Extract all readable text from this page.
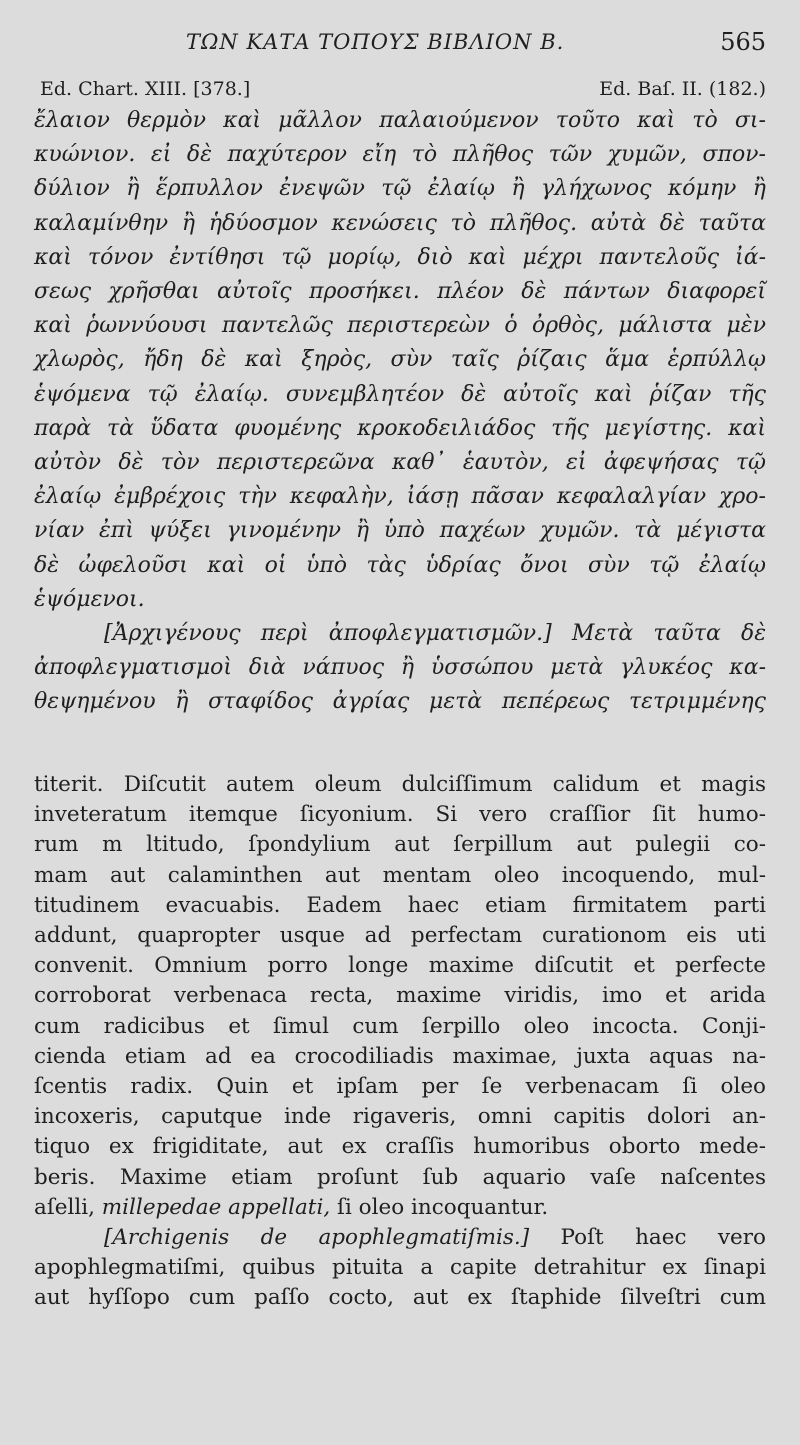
ΤΩΝ ΚΑΤΑ ΤΟΠΟΥΣ ΒΙΒΛΙΟΝ Β.	565
Ed. Chart. XIII. [378.]	Ed. Baſ. II. (182.)
ἔλαιον θερμὸν καὶ μᾶλλον παλαιούμενον τοῦτο καὶ τὸ σι-
κυώνιον. εἰ δὲ παχύτερον εἴη τὸ πλῆθος τῶν χυμῶν, σπον-
δύλιον ἢ ἕρπυλλον ἐνεψῶν τῷ ἐλαίῳ ἢ γλήχωνος κόμην ἢ
καλαμίνθην ἢ ἡδύοσμον κενώσεις τὸ πλῆθος. αὐτὰ δὲ ταῦτα
καὶ τόνον ἐντίθησι τῷ μορίῳ, διὸ καὶ μέχρι παντελοῦς ἰά-
σεως χρῆσθαι αὐτοῖς προσήκει. πλέον δὲ πάντων διαφορεῖ
καὶ ῥωννύουσι παντελῶς περιστερεὼν ὁ ὀρθὸς, μάλιστα μὲν
χλωρὸς, ἤδη δὲ καὶ ξηρὸς, σὺν ταῖς ῥίζαις ἅμα ἑρπύλλῳ
ἑψόμενα τῷ ἐλαίῳ. συνεμβλητέον δὲ αὐτοῖς καὶ ῥίζαν τῆς
παρὰ τὰ ὕδατα φυομένης κροκοδειλιάδος τῆς μεγίστης. καὶ
αὐτὸν δὲ τὸν περιστερεῶνα καθ᾽ ἑαυτὸν, εἰ ἀφεψήσας τῷ
ἐλαίῳ ἐμβρέχοις τὴν κεφαλὴν, ἰάσῃ πᾶσαν κεφαλαλγίαν χρο-
νίαν ἐπὶ ψύξει γινομένην ἢ ὑπὸ παχέων χυμῶν. τὰ μέγιστα
δὲ ὠφελοῦσι καὶ οἱ ὑπὸ τὰς ὑδρίας ὄνοι σὺν τῷ ἐλαίῳ
ἑψόμενοι.
[Ἀρχιγένους περὶ ἀποφλεγματισμῶν.] Μετὰ ταῦτα δὲ
ἀποφλεγματισμοὶ διὰ νάπυος ἢ ὑσσώπου μετὰ γλυκέος κα-
θεψημένου ἢ σταφίδος ἀγρίας μετὰ πεπέρεως τετριμμένης
titerit. Diſcutit autem oleum dulciſſimum calidum et magis
inveteratum itemque ſicyonium. Si vero craſſior ſit humo-
rum m ltitudo, ſpondylium aut ſerpillum aut pulegii co-
mam aut calaminthen aut mentam oleo incoquendo, mul-
titudinem evacuabis. Eadem haec etiam firmitatem parti
addunt, quapropter usque ad perfectam curationom eis uti
convenit. Omnium porro longe maxime diſcutit et perfecte
corroborat verbenaca recta, maxime viridis, imo et arida
cum radicibus et ſimul cum ſerpillo oleo incocta. Conji-
cienda etiam ad ea crocodiliadis maximae, juxta aquas na-
ſcentis radix. Quin et ipſam per ſe verbenacam ſi oleo
incoxeris, caputque inde rigaveris, omni capitis dolori an-
tiquo ex frigiditate, aut ex craſſis humoribus oborto mede-
beris. Maxime etiam proſunt ſub aquario vaſe naſcentes
aſelli, millepedae appellati, ſi oleo incoquantur.
[Archigenis de apophlegmatiſmis.] Poſt haec vero
apophlegmatiſmi, quibus pituita a capite detrahitur ex ſinapi
aut hyſſopo cum paſſo cocto, aut ex ſtaphide ſilveſtri cum
